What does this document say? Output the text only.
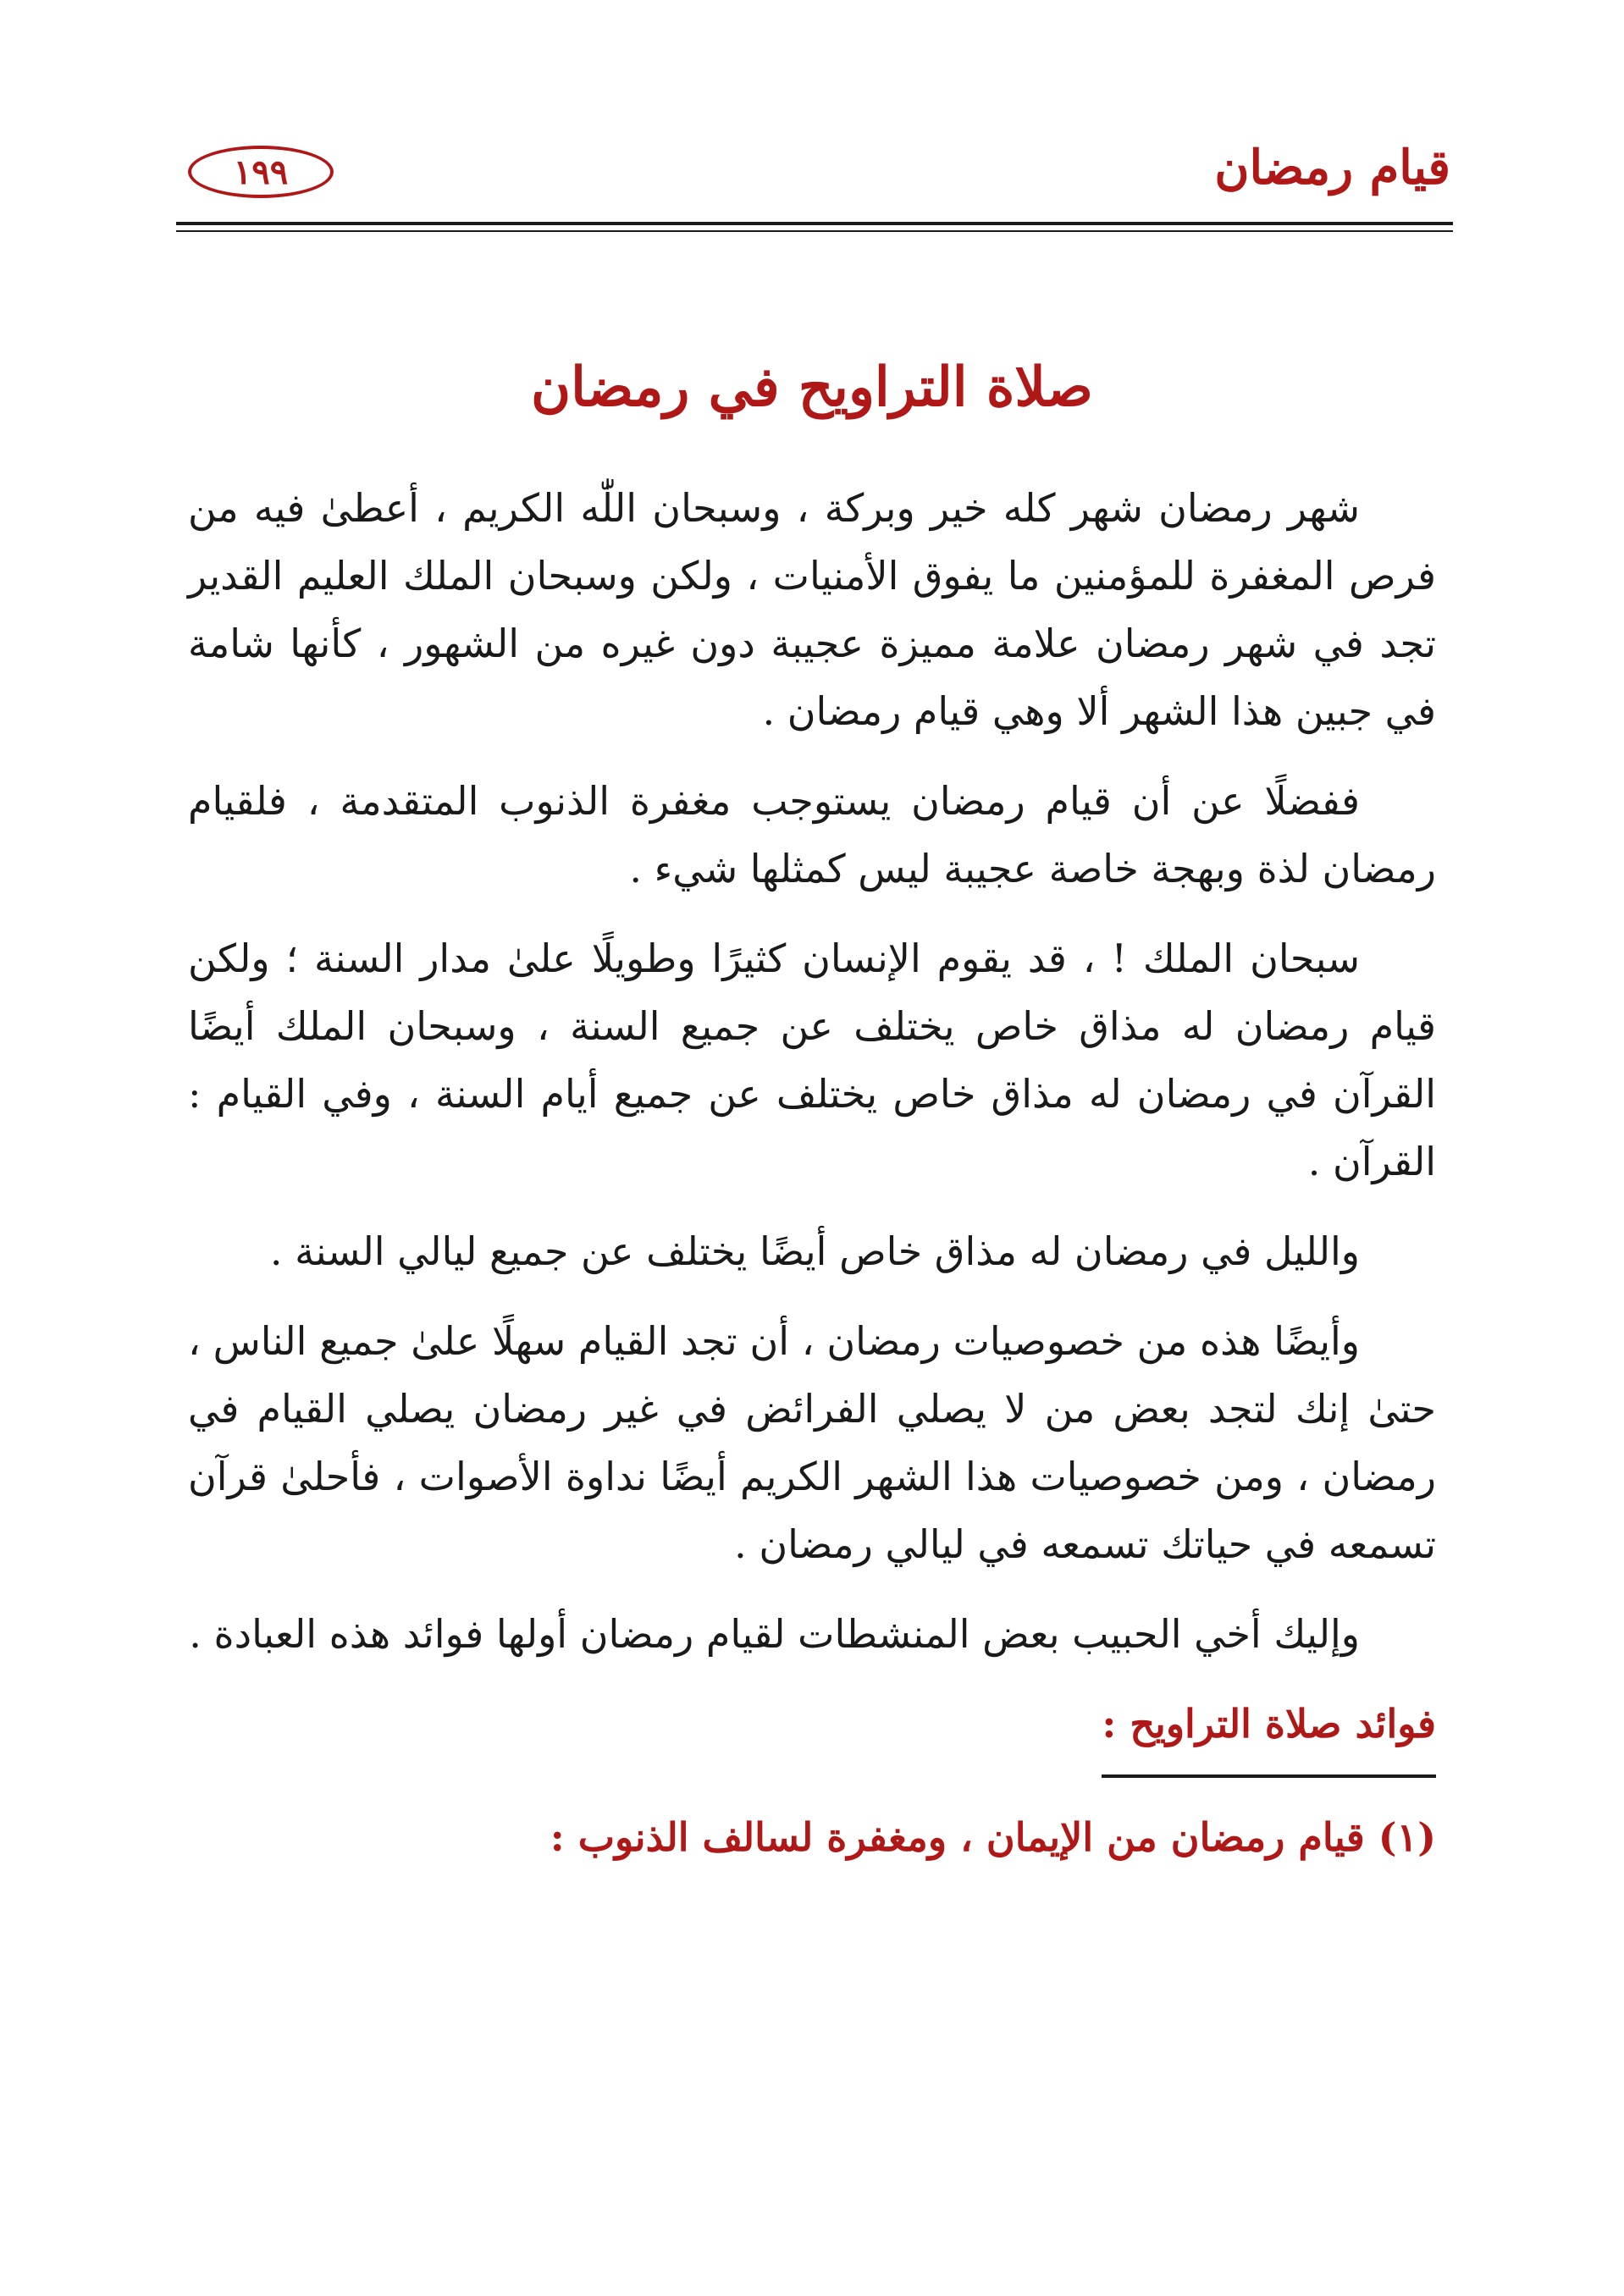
قيام رمضان
١٩٩
صلاة التراويح في رمضان

شهر رمضان شهر كله خير وبركة ، وسبحان اللّٰه الكريم ، أعطىٰ فيه من فرص المغفرة للمؤمنين ما يفوق الأمنيات ، ولكن وسبحان الملك العليم القدير تجد في شهر رمضان علامة مميزة عجيبة دون غيره من الشهور ، كأنها شامة في جبين هذا الشهر ألا وهي قيام رمضان .

ففضلًا عن أن قيام رمضان يستوجب مغفرة الذنوب المتقدمة ، فلقيام رمضان لذة وبهجة خاصة عجيبة ليس كمثلها شيء .

سبحان الملك ! ، قد يقوم الإنسان كثيرًا وطويلًا علىٰ مدار السنة ؛ ولكن قيام رمضان له مذاق خاص يختلف عن جميع السنة ، وسبحان الملك أيضًا القرآن في رمضان له مذاق خاص يختلف عن جميع أيام السنة ، وفي القيام : القرآن .

والليل في رمضان له مذاق خاص أيضًا يختلف عن جميع ليالي السنة .

وأيضًا هذه من خصوصيات رمضان ، أن تجد القيام سهلًا علىٰ جميع الناس ، حتىٰ إنك لتجد بعض من لا يصلي الفرائض في غير رمضان يصلي القيام في رمضان ، ومن خصوصيات هذا الشهر الكريم أيضًا نداوة الأصوات ، فأحلىٰ قرآن تسمعه في حياتك تسمعه في ليالي رمضان .

وإليك أخي الحبيب بعض المنشطات لقيام رمضان أولها فوائد هذه العبادة .

فوائد صلاة التراويح :
(١) قيام رمضان من الإيمان ، ومغفرة لسالف الذنوب :
